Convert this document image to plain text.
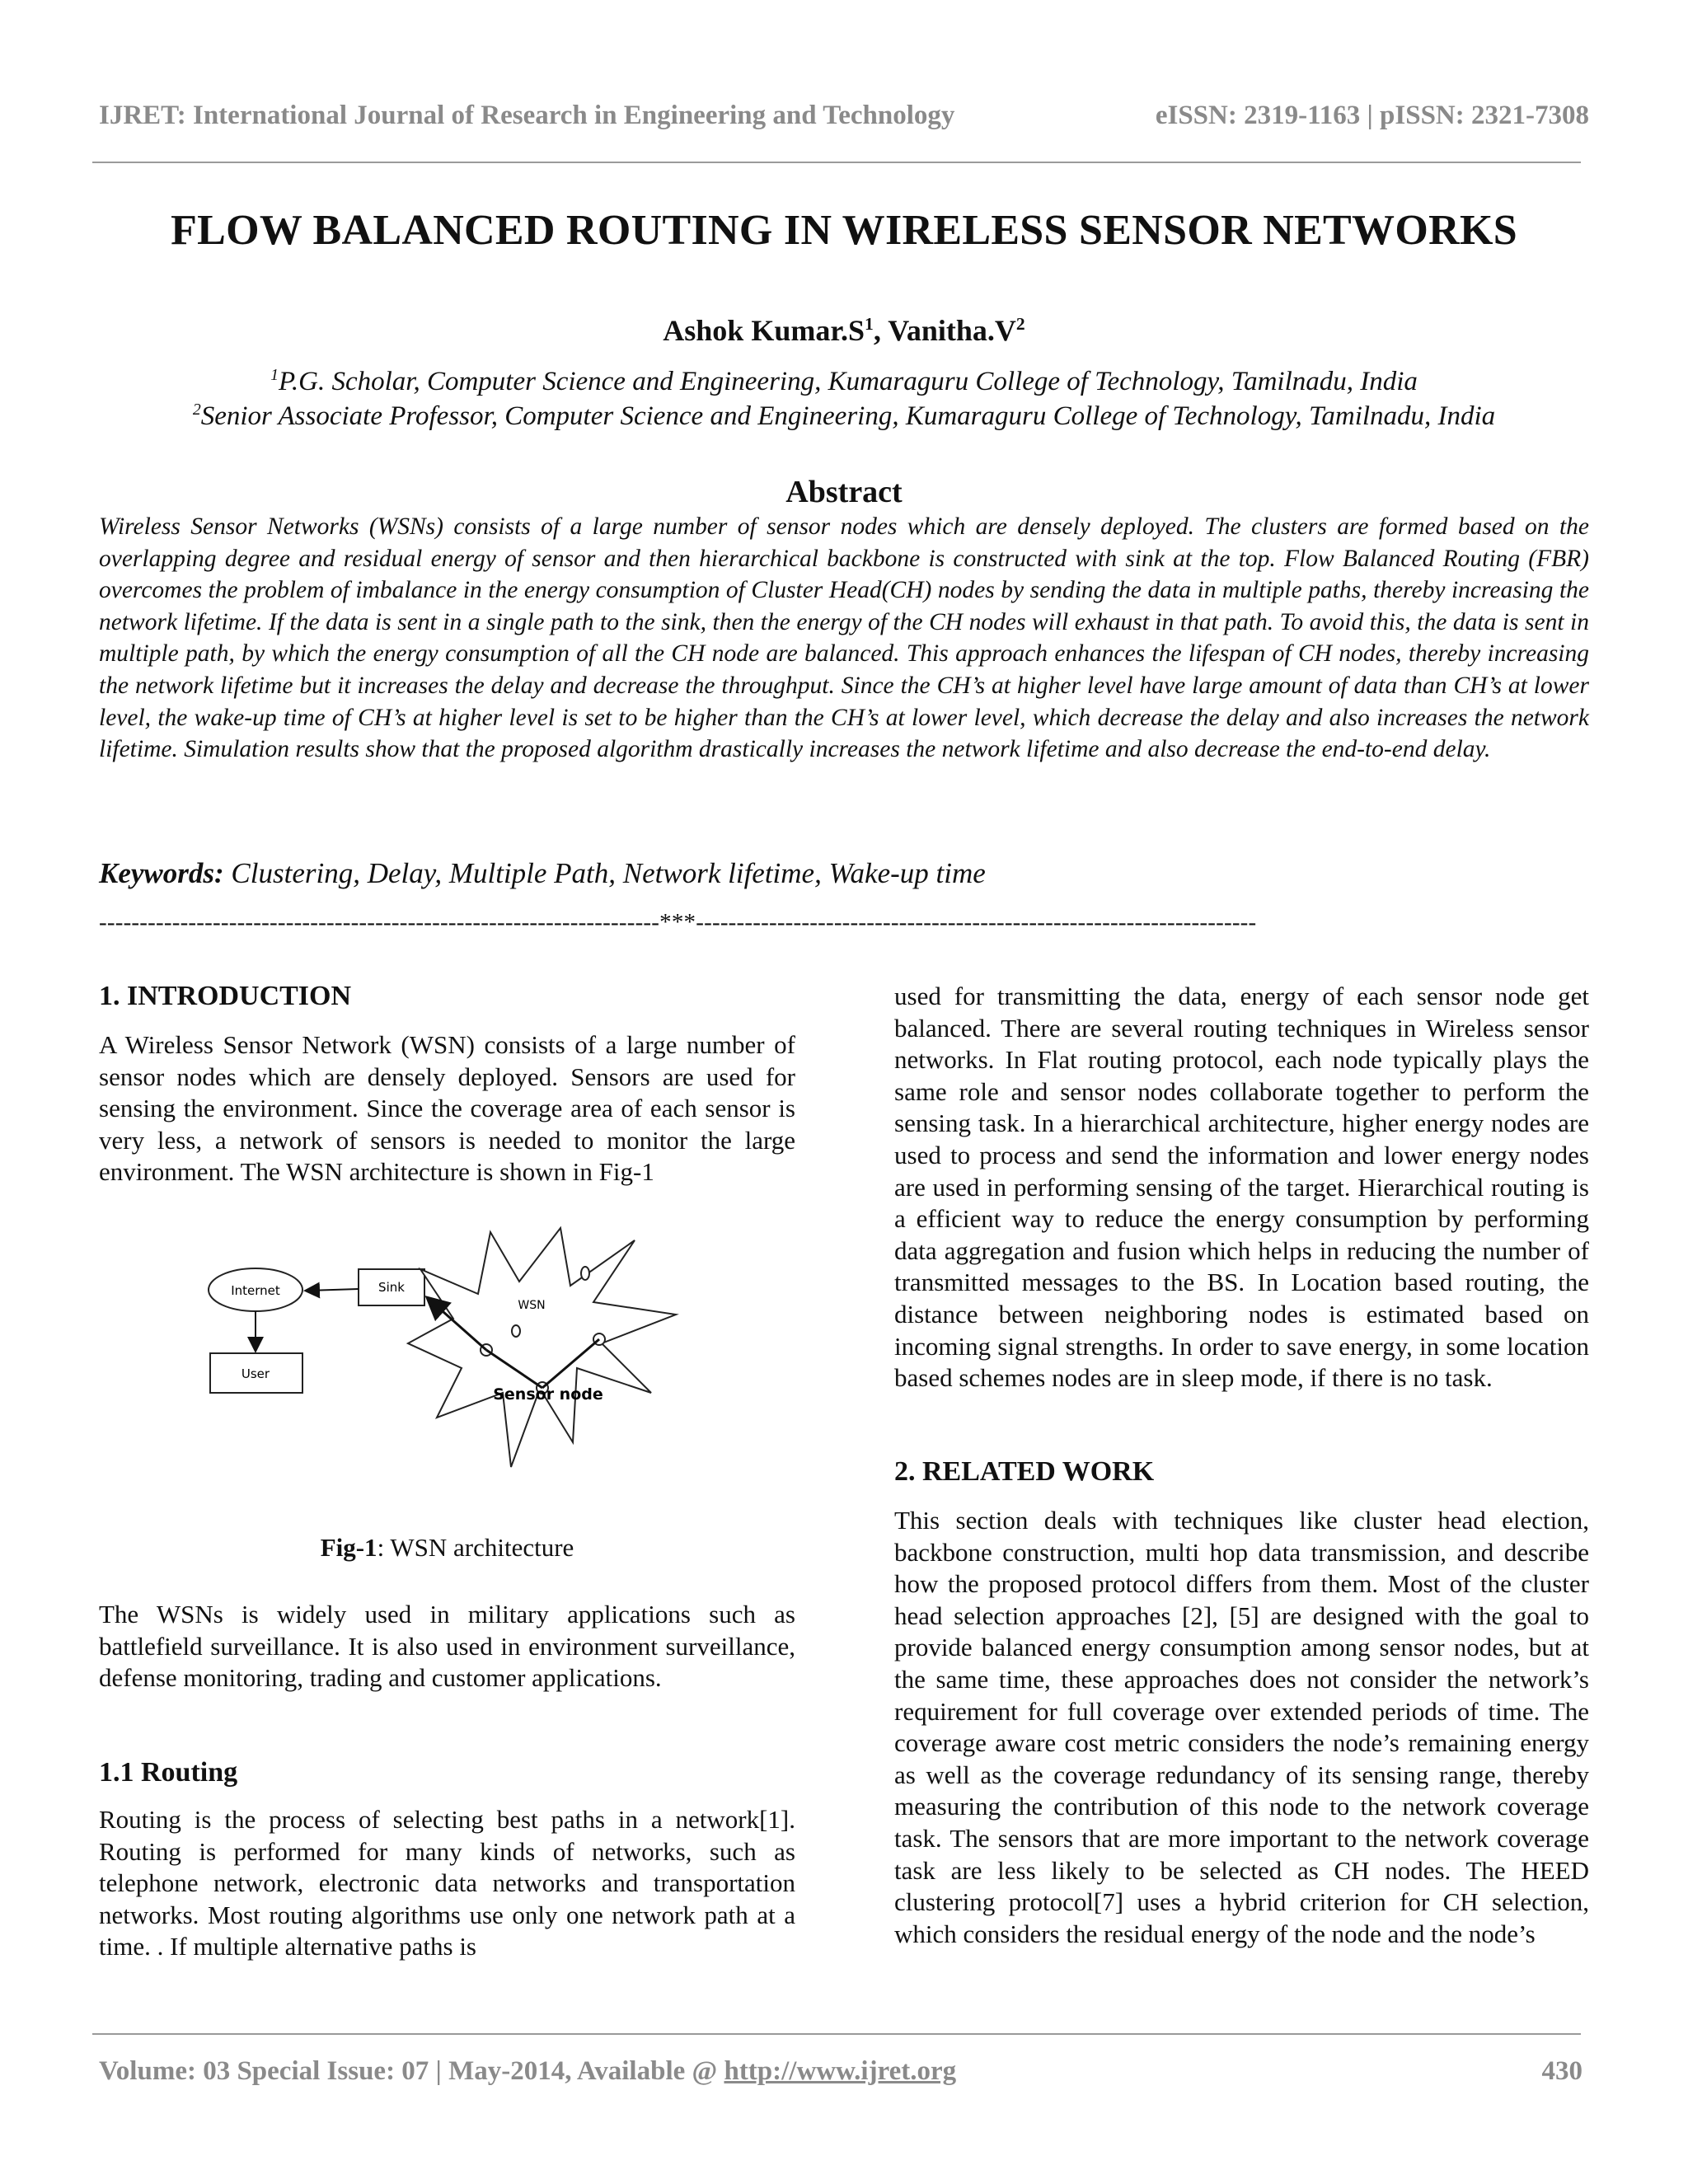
IJRET: International Journal of Research in Engineering and Technology	eISSN: 2319-1163 | pISSN: 2321-7308
FLOW BALANCED ROUTING IN WIRELESS SENSOR NETWORKS
Ashok $Kumar.S^1$, $Vanitha.V^2$
$^1$P.G. Scholar, Computer Science and Engineering, Kumaraguru College of Technology, Tamilnadu, India
$^2$Senior Associate Professor, Computer Science and Engineering, Kumaraguru College of Technology, Tamilnadu, India
Abstract
Wireless Sensor Networks (WSNs) consists of a large number of sensor nodes which are densely deployed. The clusters are formed based on the overlapping degree and residual energy of sensor and then hierarchical backbone is constructed with sink at the top. Flow Balanced Routing (FBR) overcomes the problem of imbalance in the energy consumption of Cluster Head(CH) nodes by sending the data in multiple paths, thereby increasing the network lifetime. If the data is sent in a single path to the sink, then the energy of the CH nodes will exhaust in that path. To avoid this, the data is sent in multiple path, by which the energy consumption of all the CH node are balanced. This approach enhances the lifespan of CH nodes, thereby increasing the network lifetime but it increases the delay and decrease the throughput. Since the CH’s at higher level have large amount of data than CH’s at lower level, the wake-up time of CH’s at higher level is set to be higher than the CH’s at lower level, which decrease the delay and also increases the network lifetime. Simulation results show that the proposed algorithm drastically increases the network lifetime and also decrease the end-to-end delay.
Keywords: Clustering, Delay, Multiple Path, Network lifetime, Wake-up time
---------------------------------------------------------------------***---------------------------------------------------------------------
1. INTRODUCTION

A Wireless Sensor Network (WSN) consists of a large number of sensor nodes which are densely deployed. Sensors are used for sensing the environment. Since the coverage area of each sensor is very less, a network of sensors is needed to monitor the large environment. The WSN architecture is shown in Fig-1

Internet	Sink
User
WSN
Sensor node
Fig-1: WSN architecture

The WSNs is widely used in military applications such as battlefield surveillance. It is also used in environment surveillance, defense monitoring, trading and customer applications.

1.1 Routing

Routing is the process of selecting best paths in a network[1]. Routing is performed for many kinds of networks, such as telephone network, electronic data networks and transportation networks. Most routing algorithms use only one network path at a time. . If multiple alternative paths is

used for transmitting the data, energy of each sensor node get balanced. There are several routing techniques in Wireless sensor networks. In Flat routing protocol, each node typically plays the same role and sensor nodes collaborate together to perform the sensing task. In a hierarchical architecture, higher energy nodes are used to process and send the information and lower energy nodes are used in performing sensing of the target. Hierarchical routing is a efficient way to reduce the energy consumption by performing data aggregation and fusion which helps in reducing the number of transmitted messages to the BS. In Location based routing, the distance between neighboring nodes is estimated based on incoming signal strengths. In order to save energy, in some location based schemes nodes are in sleep mode, if there is no task.

2. RELATED WORK

This section deals with techniques like cluster head election, backbone construction, multi hop data transmission, and describe how the proposed protocol differs from them. Most of the cluster head selection approaches [2], [5] are designed with the goal to provide balanced energy consumption among sensor nodes, but at the same time, these approaches does not consider the network’s requirement for full coverage over extended periods of time. The coverage aware cost metric considers the node’s remaining energy as well as the coverage redundancy of its sensing range, thereby measuring the contribution of this node to the network coverage task. The sensors that are more important to the network coverage task are less likely to be selected as CH nodes. The HEED clustering protocol[7] uses a hybrid criterion for CH selection, which considers the residual energy of the node and the node’s

Volume: 03 Special Issue: 07 | May-2014, Available @ http://www.ijret.org	430
